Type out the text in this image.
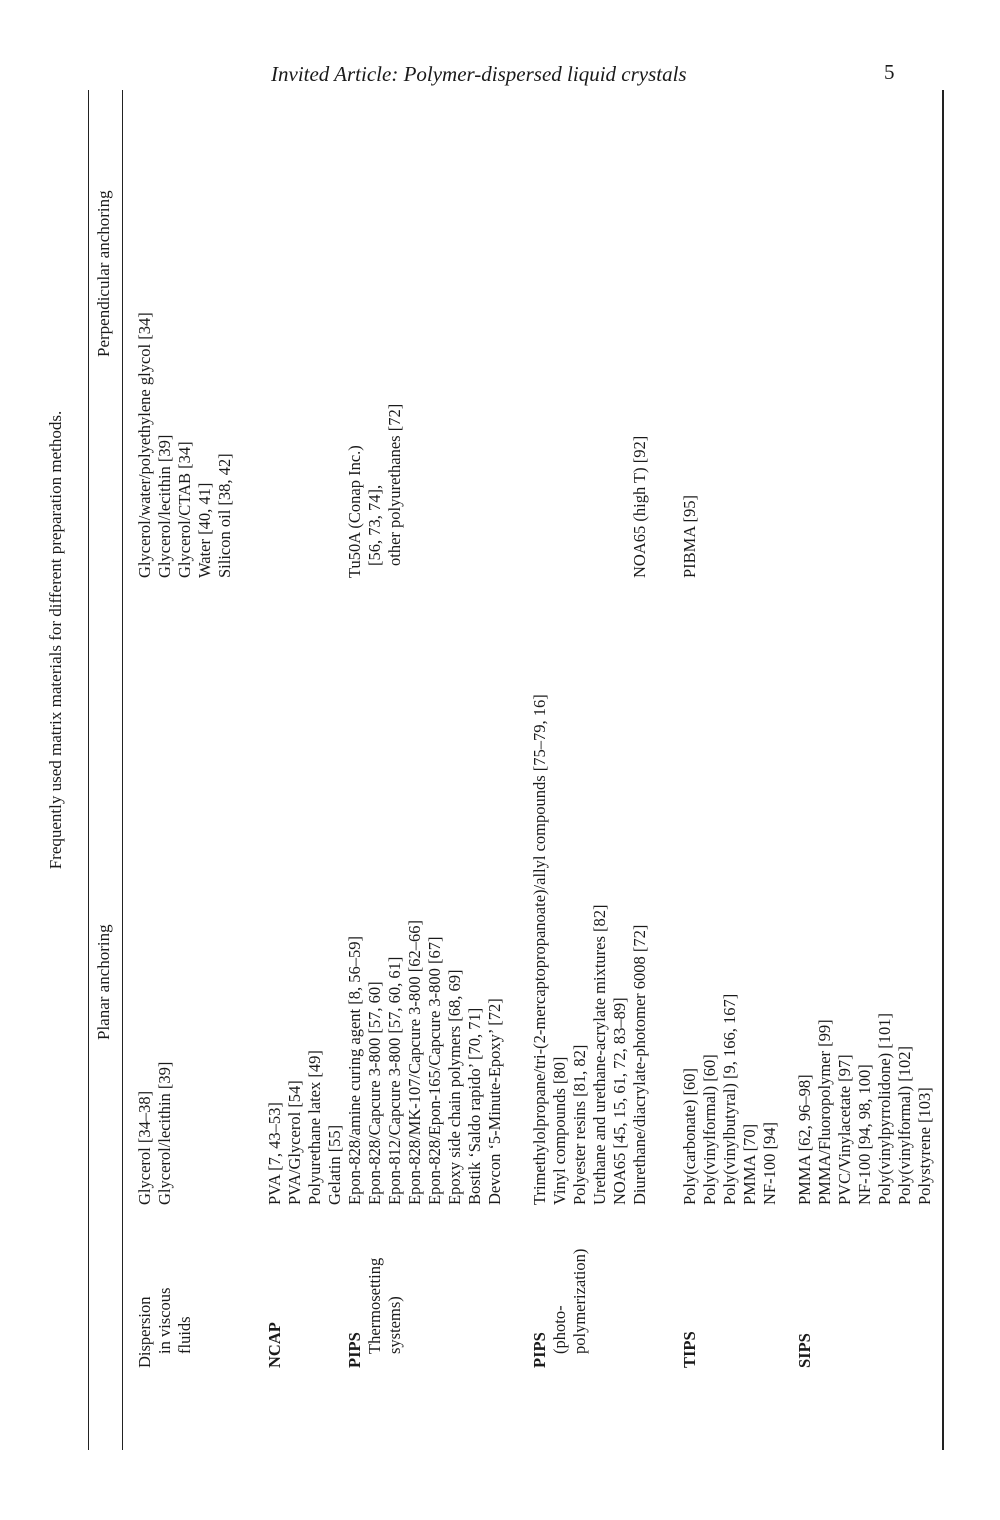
Invited Article: Polymer-dispersed liquid crystals	5
Frequently used matrix materials for different preparation methods.
Planar anchoring
Perpendicular anchoring
Dispersion in viscous fluids
Glycerol [34–38] Glycerol/lecithin [39]
Glycerol/water/polyethylene glycol [34] Glycerol/lecithin [39] Glycerol/CTAB [34] Water [40, 41] Silicon oil [38, 42]
NCAP
PVA [7, 43–53] PVA/Glycerol [54] Polyurethane latex [49] Gelatin [55]
Tu50A (Conap Inc.) [56, 73, 74], other polyurethanes [72]
PIPS Thermosetting systems)
Epon-828/amine curing agent [8, 56–59] Epon-828/Capcure 3-800 [57, 60] Epon-812/Capcure 3-800 [57, 60, 61] Epon-828/MK-107/Capcure 3-800 [62–66] Epon-828/Epon-165/Capcure 3-800 [67] Epoxy side chain polymers [68, 69] Bostik ‘Saldo rapido’ [70, 71] Devcon ‘5-Minute-Epoxy’ [72]
PIPS (photo-polymerization)
Trimethylolpropane/tri-(2-mercaptopropanoate)/allyl compounds [75–79, 16] Vinyl compounds [80] Polyester resins [81, 82] Urethane and urethane-acrylate mixtures [82] NOA65 [45, 15, 61, 72, 83–89] Diurethane/diacrylate-photomer 6008 [72]
NOA65 (high T) [92]
TIPS
Poly(carbonate) [60] Poly(vinylformal) [60] Poly(vinylbutyral) [9, 166, 167] PMMA [70] NF-100 [94]
PIBMA [95]
SIPS
PMMA [62, 96–98] PMMA/Fluoropolymer [99] PVC/Vinylacetate [97] NF-100 [94, 98, 100] Poly(vinylpyrrolidone) [101] Poly(vinylformal) [102] Polystyrene [103]
